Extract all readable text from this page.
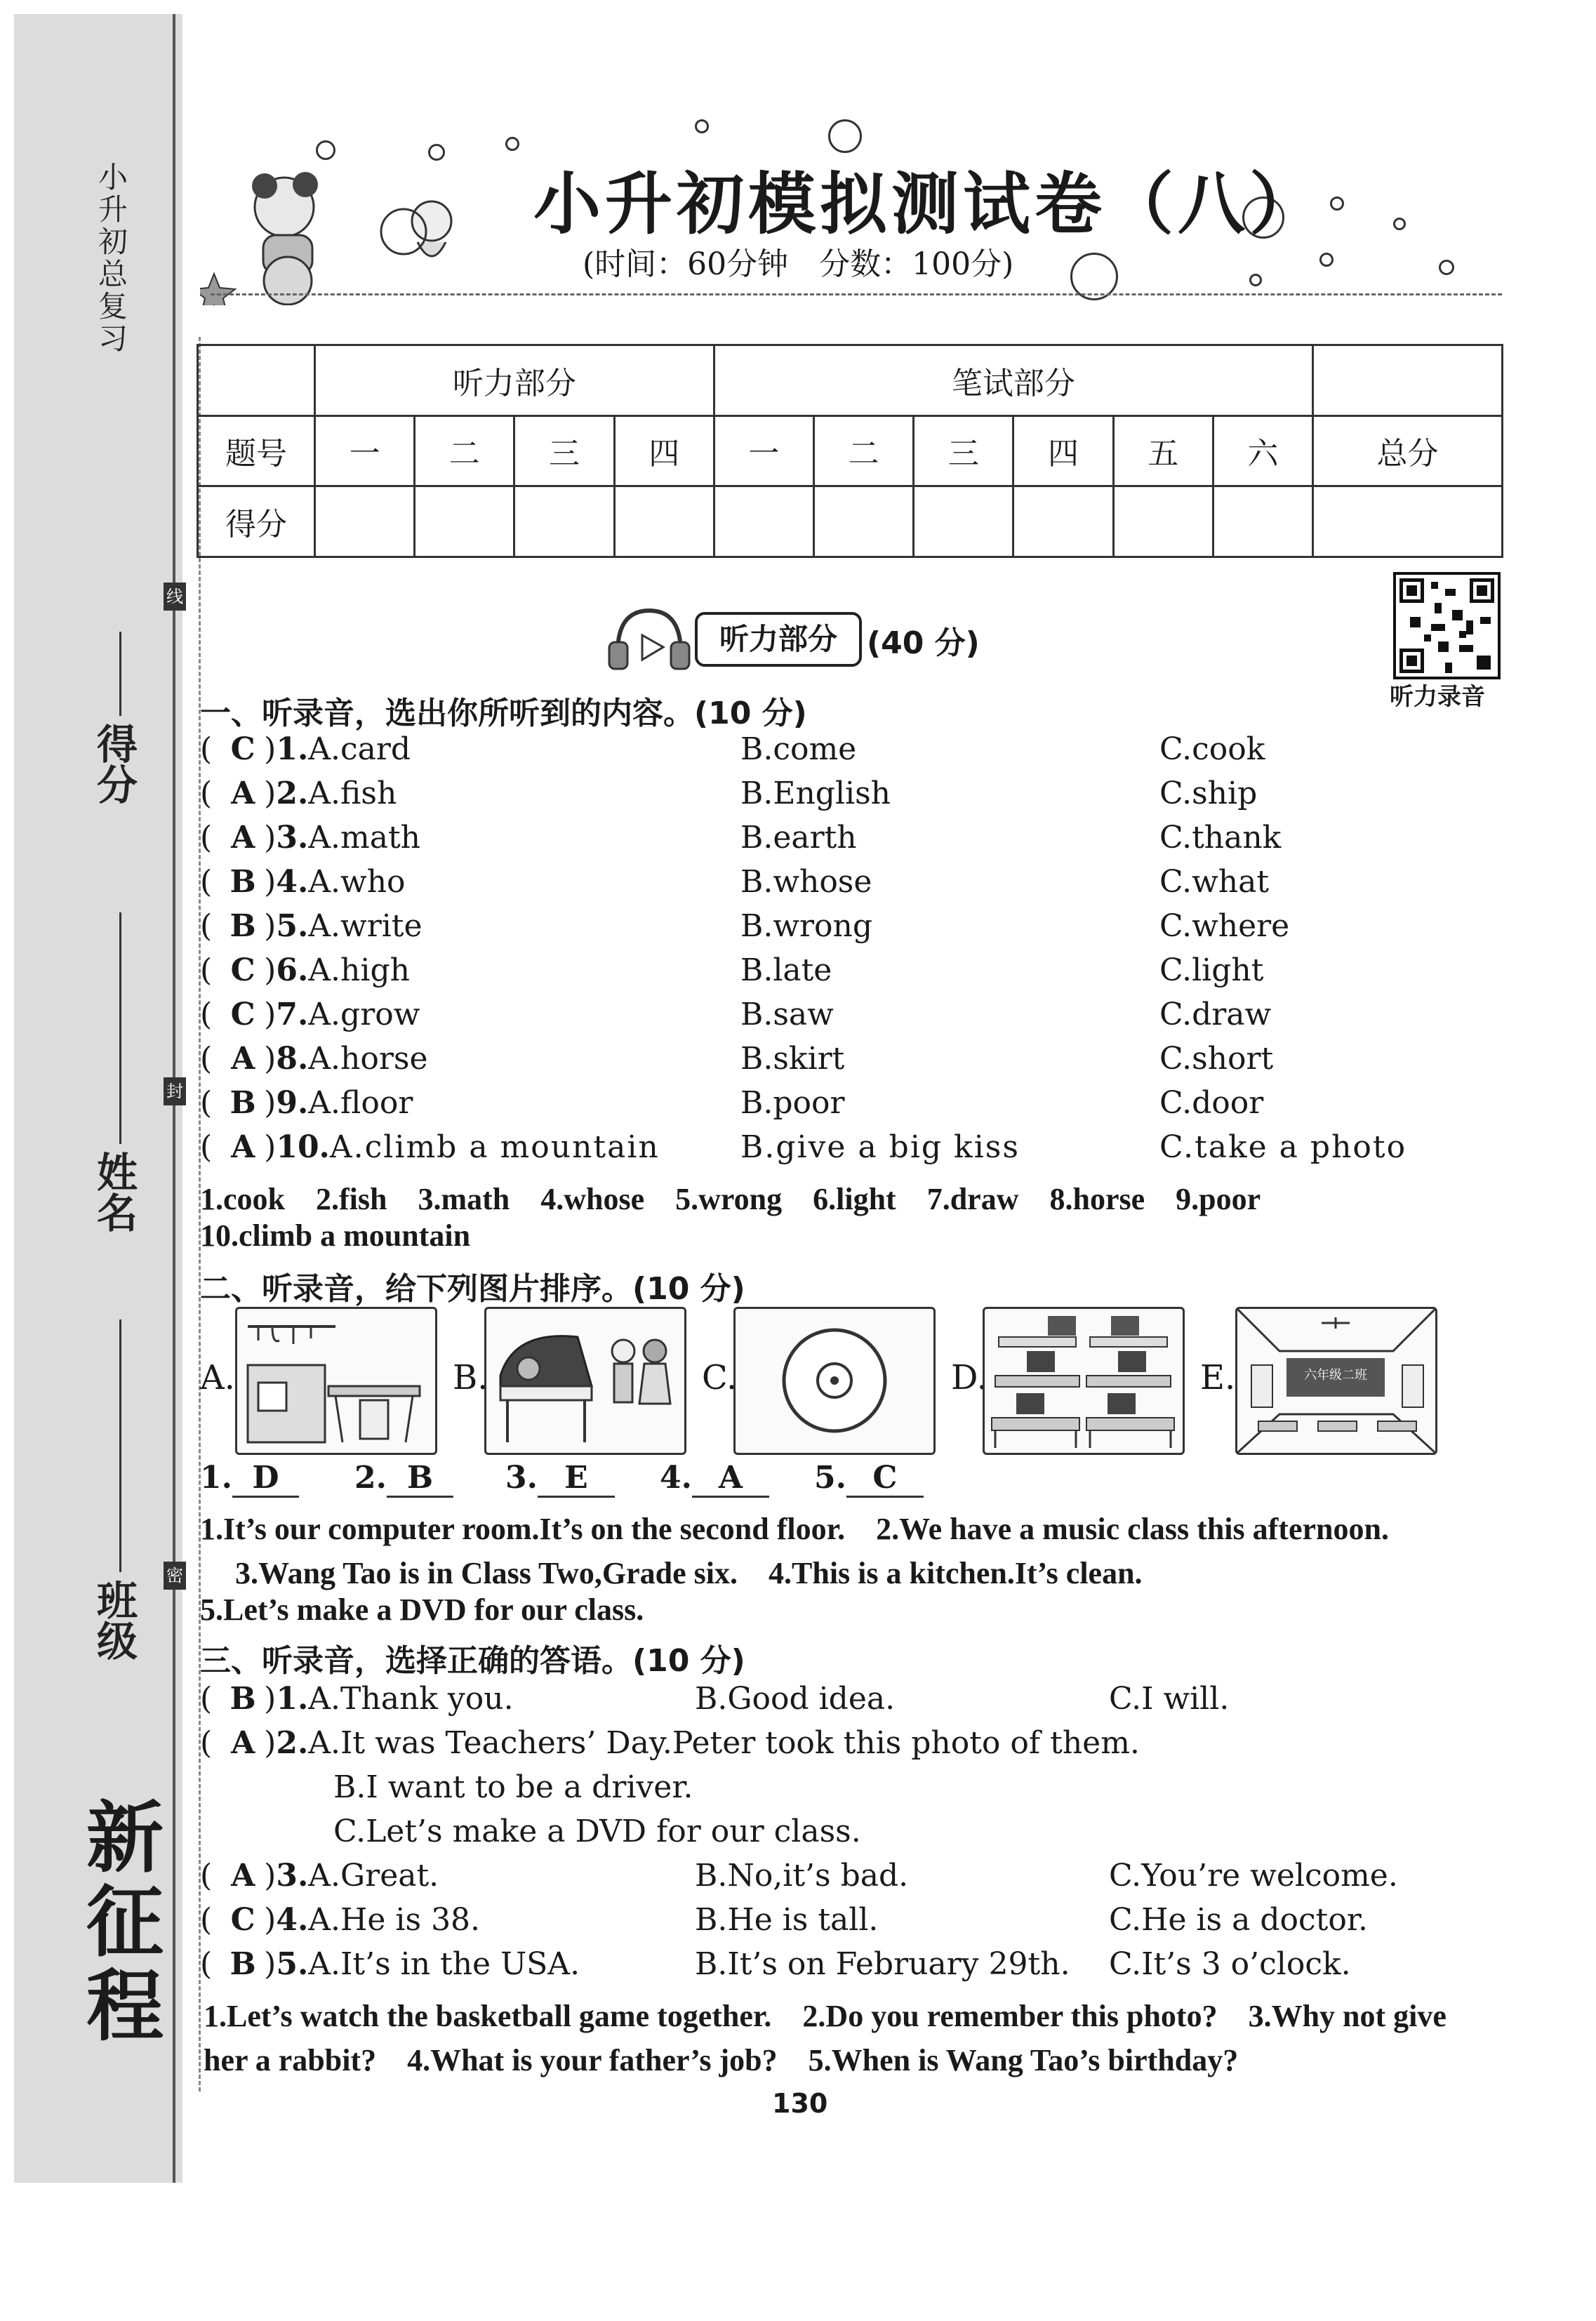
小升初总复习
得分
姓名
班级
线
封
密
新征程
小升初模拟测试卷（八）
(时间：60分钟　分数：100分)
	听力部分				笔试部分						
题号	一	二	三	四	一	二	三	四	五	六	总分
得分											
听力部分 (40 分)
听力录音
一、听录音，选出你所听到的内容。(10 分)
( C )1.A.card	B.come	C.cook
( A )2.A.fish	B.English	C.ship
( A )3.A.math	B.earth	C.thank
( B )4.A.who	B.whose	C.what
( B )5.A.write	B.wrong	C.where
( C )6.A.high	B.late	C.light
( C )7.A.grow	B.saw	C.draw
( A )8.A.horse	B.skirt	C.short
( B )9.A.floor	B.poor	C.door
( A )10.A.climb a mountain	B.give a big kiss	C.take a photo
1.cook　2.fish　3.math　4.whose　5.wrong　6.light　7.draw　8.horse　9.poor
10.climb a mountain
二、听录音，给下列图片排序。(10 分)
A.	B.	C.	D.	E.	六年级二班
1. D	2. B	3. E	4. A	5. C
1.It’s our computer room.It’s on the second floor.　2.We have a music class this afternoon.
3.Wang Tao is in Class Two,Grade six.　4.This is a kitchen.It’s clean.
5.Let’s make a DVD for our class.
三、听录音，选择正确的答语。(10 分)
( B )1.A.Thank you.	B.Good idea.	C.I will.
( A )2.A.It was Teachers’ Day.Peter took this photo of them.
B.I want to be a driver.
C.Let’s make a DVD for our class.
( A )3.A.Great.	B.No,it’s bad.	C.You’re welcome.
( C )4.A.He is 38.	B.He is tall.	C.He is a doctor.
( B )5.A.It’s in the USA.	B.It’s on February 29th. C.It’s 3 o’clock.
1.Let’s watch the basketball game together.　2.Do you remember this photo?　3.Why not give
her a rabbit?　4.What is your father’s job?　5.When is Wang Tao’s birthday?
130
